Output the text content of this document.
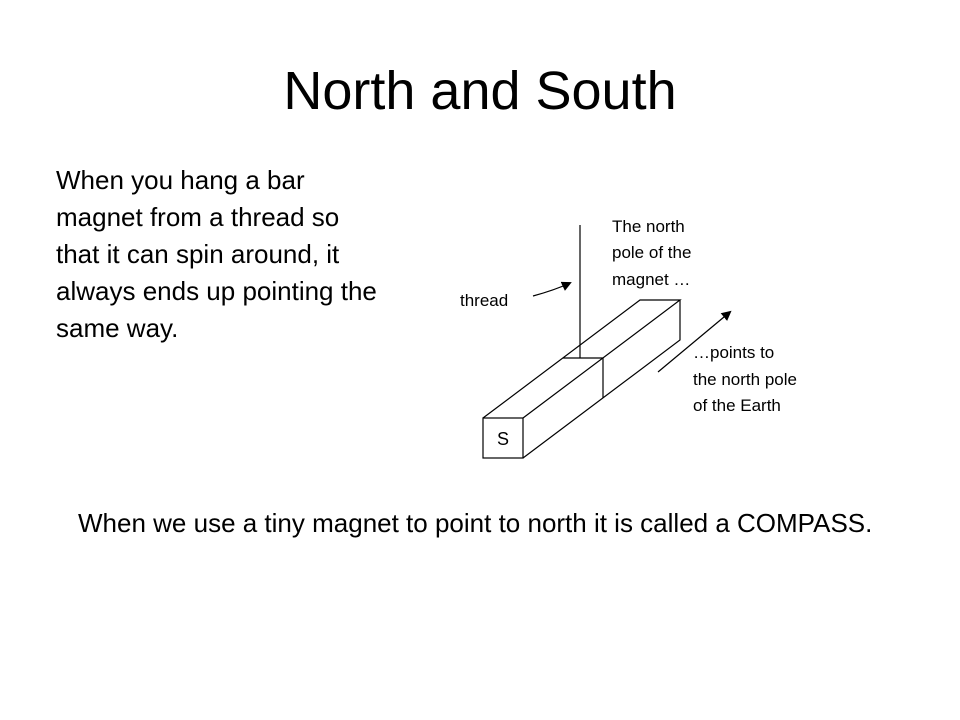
North and South
When you hang a bar magnet from a thread so that it can spin around, it always ends up pointing the same way.
S
thread
The north pole of the magnet …
…points to the north pole of the Earth
When we use a tiny magnet to point to north it is called a COMPASS.
